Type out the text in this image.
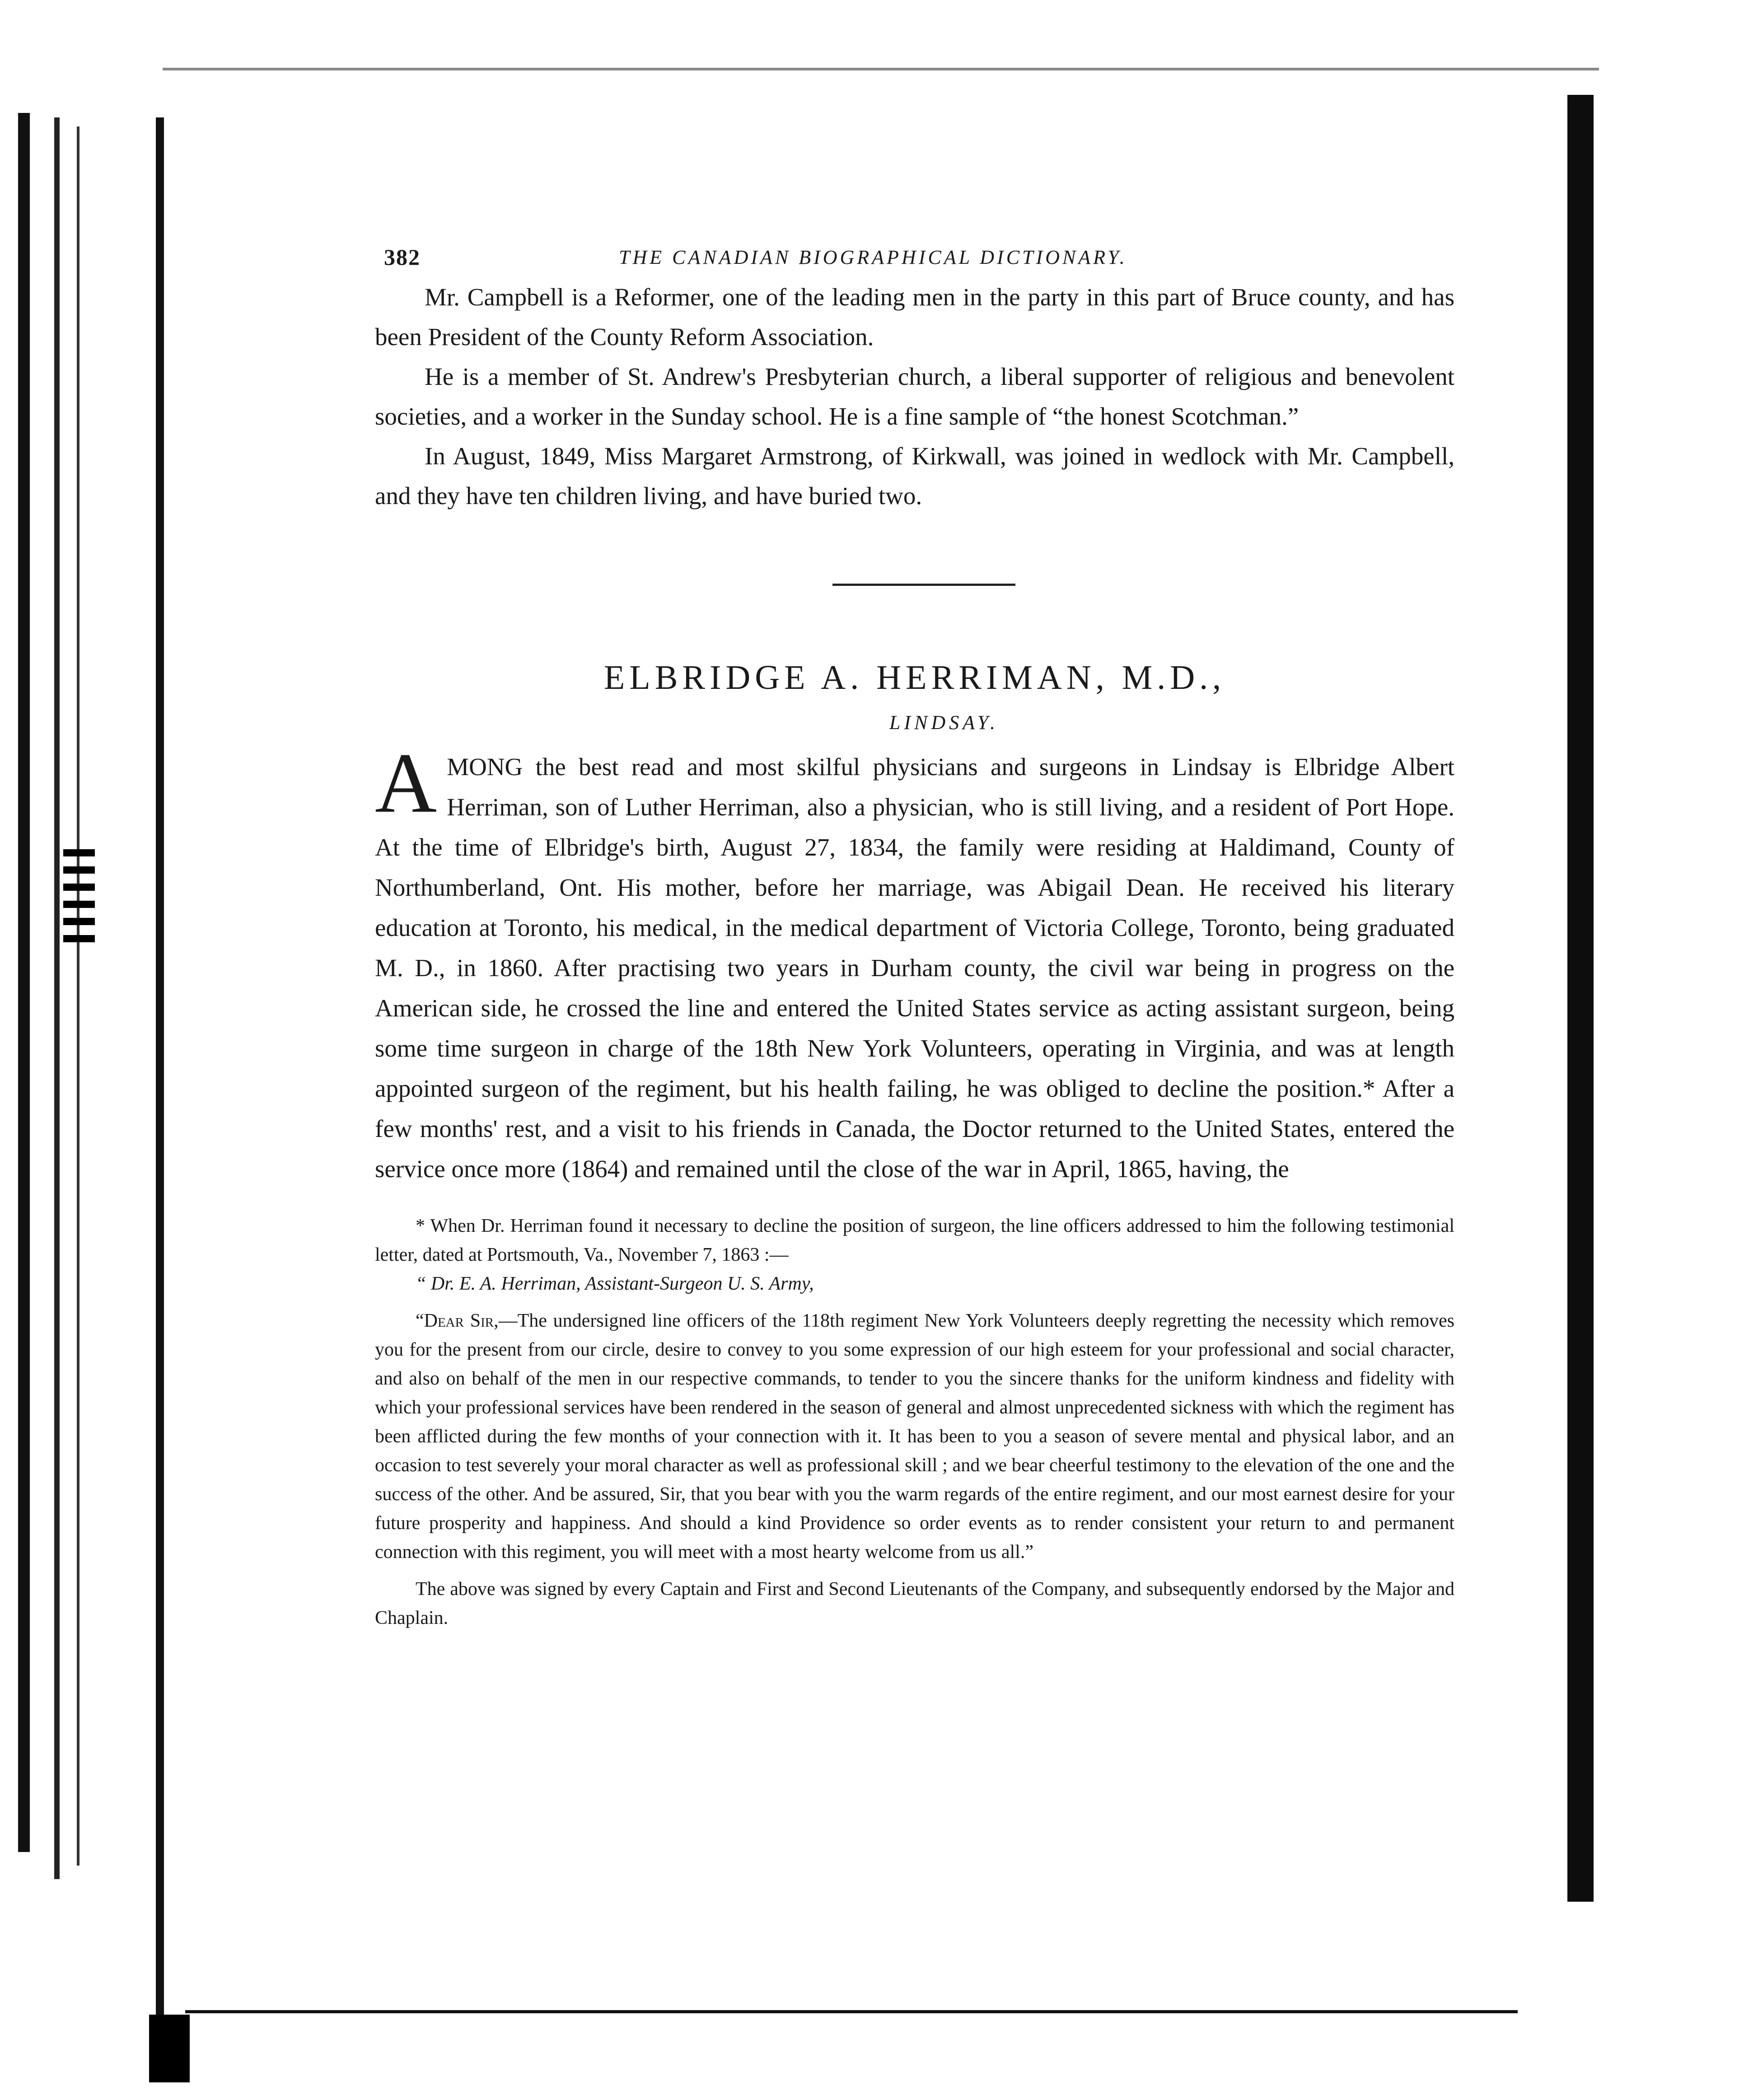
382	THE CANADIAN BIOGRAPHICAL DICTIONARY.

Mr. Campbell is a Reformer, one of the leading men in the party in this part of Bruce county, and has been President of the County Reform Association.

He is a member of St. Andrew's Presbyterian church, a liberal supporter of religious and benevolent societies, and a worker in the Sunday school. He is a fine sample of “the honest Scotchman.”

In August, 1849, Miss Margaret Armstrong, of Kirkwall, was joined in wedlock with Mr. Campbell, and they have ten children living, and have buried two.

ELBRIDGE A. HERRIMAN, M.D.,
LINDSAY.
AMONG the best read and most skilful physicians and surgeons in Lindsay is Elbridge Albert Herriman, son of Luther Herriman, also a physician, who is still living, and a resident of Port Hope. At the time of Elbridge's birth, August 27, 1834, the family were residing at Haldimand, County of Northumberland, Ont. His mother, before her marriage, was Abigail Dean. He received his literary education at Toronto, his medical, in the medical department of Victoria College, Toronto, being graduated M. D., in 1860. After practising two years in Durham county, the civil war being in progress on the American side, he crossed the line and entered the United States service as acting assistant surgeon, being some time surgeon in charge of the 18th New York Volunteers, operating in Virginia, and was at length appointed surgeon of the regiment, but his health failing, he was obliged to decline the position.* After a few months' rest, and a visit to his friends in Canada, the Doctor returned to the United States, entered the service once more (1864) and remained until the close of the war in April, 1865, having, the

* When Dr. Herriman found it necessary to decline the position of surgeon, the line officers addressed to him the following testimonial letter, dated at Portsmouth, Va., November 7, 1863 :—

“ Dr. E. A. Herriman, Assistant-Surgeon U. S. Army,

“Dear Sir,—The undersigned line officers of the 118th regiment New York Volunteers deeply regretting the necessity which removes you for the present from our circle, desire to convey to you some expression of our high esteem for your professional and social character, and also on behalf of the men in our respective commands, to tender to you the sincere thanks for the uniform kindness and fidelity with which your professional services have been rendered in the season of general and almost unprecedented sickness with which the regiment has been afflicted during the few months of your connection with it. It has been to you a season of severe mental and physical labor, and an occasion to test severely your moral character as well as professional skill ; and we bear cheerful testimony to the elevation of the one and the success of the other. And be assured, Sir, that you bear with you the warm regards of the entire regiment, and our most earnest desire for your future prosperity and happiness. And should a kind Providence so order events as to render consistent your return to and permanent connection with this regiment, you will meet with a most hearty welcome from us all.”

The above was signed by every Captain and First and Second Lieutenants of the Company, and subsequently endorsed by the Major and Chaplain.
